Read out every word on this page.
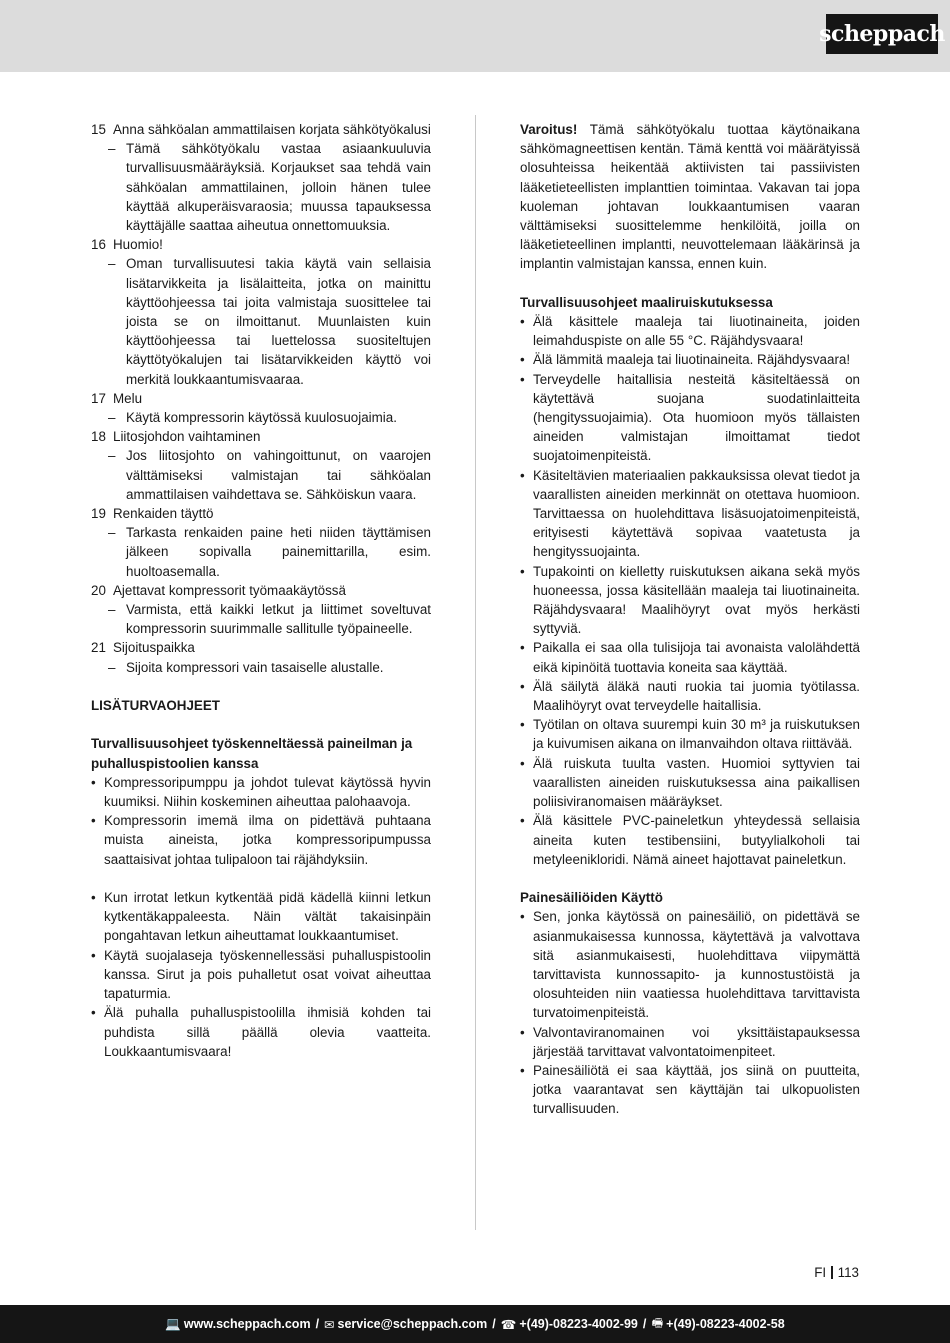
scheppach
15 Anna sähköalan ammattilaisen korjata sähkötyökalusi
– Tämä sähkötyökalu vastaa asiaankuuluvia turvallisuusmääräyksiä. Korjaukset saa tehdä vain sähköalan ammattilainen, jolloin hänen tulee käyttää alkuperäisvaraosia; muussa tapauksessa käyttäjälle saattaa aiheutua onnettomuuksia.
16 Huomio!
– Oman turvallisuutesi takia käytä vain sellaisia lisätarvikkeita ja lisälaitteita, jotka on mainittu käyttöohjeessa tai joita valmistaja suosittelee tai joista se on ilmoittanut. Muunlaisten kuin käyttöohjeessa tai luettelossa suositeltujen käyttötyökalujen tai lisätarvikkeiden käyttö voi merkitä loukkaantumisvaaraa.
17 Melu
– Käytä kompressorin käytössä kuulosuojaimia.
18 Liitosjohdon vaihtaminen
– Jos liitosjohto on vahingoittunut, on vaarojen välttämiseksi valmistajan tai sähköalan ammattilaisen vaihdettava se. Sähköiskun vaara.
19 Renkaiden täyttö
– Tarkasta renkaiden paine heti niiden täyttämisen jälkeen sopivalla painemittarilla, esim. huoltoasemalla.
20 Ajettavat kompressorit työmaakäytössä
– Varmista, että kaikki letkut ja liittimet soveltuvat kompressorin suurimmalle sallitulle työpaineelle.
21 Sijoituspaikka
– Sijoita kompressori vain tasaiselle alustalle.

LISÄTURVAOHJEET

Turvallisuusohjeet työskenneltäessä paineilman ja puhalluspistoolien kanssa

• Kompressoripumppu ja johdot tulevat käytössä hyvin kuumiksi. Niihin koskeminen aiheuttaa palohaavoja.
• Kompressorin imemä ilma on pidettävä puhtaana muista aineista, jotka kompressoripumpussa saattaisivat johtaa tulipaloon tai räjähdyksiin.
• Kun irrotat letkun kytkentää pidä kädellä kiinni letkun kytkentäkappaleesta. Näin vältät takaisinpäin pongahtavan letkun aiheuttamat loukkaantumiset.
• Käytä suojalaseja työskennellessäsi puhalluspistoolin kanssa. Sirut ja pois puhalletut osat voivat aiheuttaa tapaturmia.
• Älä puhalla puhalluspistoolilla ihmisiä kohden tai puhdista sillä päällä olevia vaatteita. Loukkaantumisvaara!

Varoitus! Tämä sähkötyökalu tuottaa käytönaikana sähkömagneettisen kentän. Tämä kenttä voi määrätyissä olosuhteissa heikentää aktiivisten tai passiivisten lääketieteellisten implanttien toimintaa. Vakavan tai jopa kuoleman johtavan loukkaantumisen vaaran välttämiseksi suosittelemme henkilöitä, joilla on lääketieteellinen implantti, neuvottelemaan lääkärinsä ja implantin valmistajan kanssa, ennen kuin.

Turvallisuusohjeet maaliruiskutuksessa

• Älä käsittele maaleja tai liuotinaineita, joiden leimahduspiste on alle 55 °C. Räjähdysvaara!
• Älä lämmitä maaleja tai liuotinaineita. Räjähdysvaara!
• Terveydelle haitallisia nesteitä käsiteltäessä on käytettävä suojana suodatinlaitteita (hengityssuojaimia). Ota huomioon myös tällaisten aineiden valmistajan ilmoittamat tiedot suojatoimenpiteistä.
• Käsiteltävien materiaalien pakkauksissa olevat tiedot ja vaarallisten aineiden merkinnät on otettava huomioon. Tarvittaessa on huolehdittava lisäsuojatoimenpiteistä, erityisesti käytettävä sopivaa vaatetusta ja hengityssuojainta.
• Tupakointi on kielletty ruiskutuksen aikana sekä myös huoneessa, jossa käsitellään maaleja tai liuotinaineita. Räjähdysvaara! Maalihöyryt ovat myös herkästi syttyviä.
• Paikalla ei saa olla tulisijoja tai avonaista valolähdettä eikä kipinöitä tuottavia koneita saa käyttää.
• Älä säilytä äläkä nauti ruokia tai juomia työtilassa. Maalihöyryt ovat terveydelle haitallisia.
• Työtilan on oltava suurempi kuin 30 m³ ja ruiskutuksen ja kuivumisen aikana on ilmanvaihdon oltava riittävää.
• Älä ruiskuta tuulta vasten. Huomioi syttyvien tai vaarallisten aineiden ruiskutuksessa aina paikallisen poliisiviranomaisen määräykset.
• Älä käsittele PVC-paineletkun yhteydessä sellaisia aineita kuten testibensiini, butyylialkoholi tai metyleenikloridi. Nämä aineet hajottavat paineletkun.

Painesäiliöiden Käyttö

• Sen, jonka käytössä on painesäiliö, on pidettävä se asianmukaisessa kunnossa, käytettävä ja valvottava sitä asianmukaisesti, huolehdittava viipymättä tarvittavista kunnossapito- ja kunnostustöistä ja olosuhteiden niin vaatiessa huolehdittava tarvittavista turvatoimenpiteistä.
• Valvontaviranomainen voi yksittäistapauksessa järjestää tarvittavat valvontatoimenpiteet.
• Painesäiliötä ei saa käyttää, jos siinä on puutteita, jotka vaarantavat sen käyttäjän tai ulkopuolisten turvallisuuden.
FI 113
💻 www.scheppach.com / ✉ service@scheppach.com / ☎ +(49)-08223-4002-99 / 🖷 +(49)-08223-4002-58
